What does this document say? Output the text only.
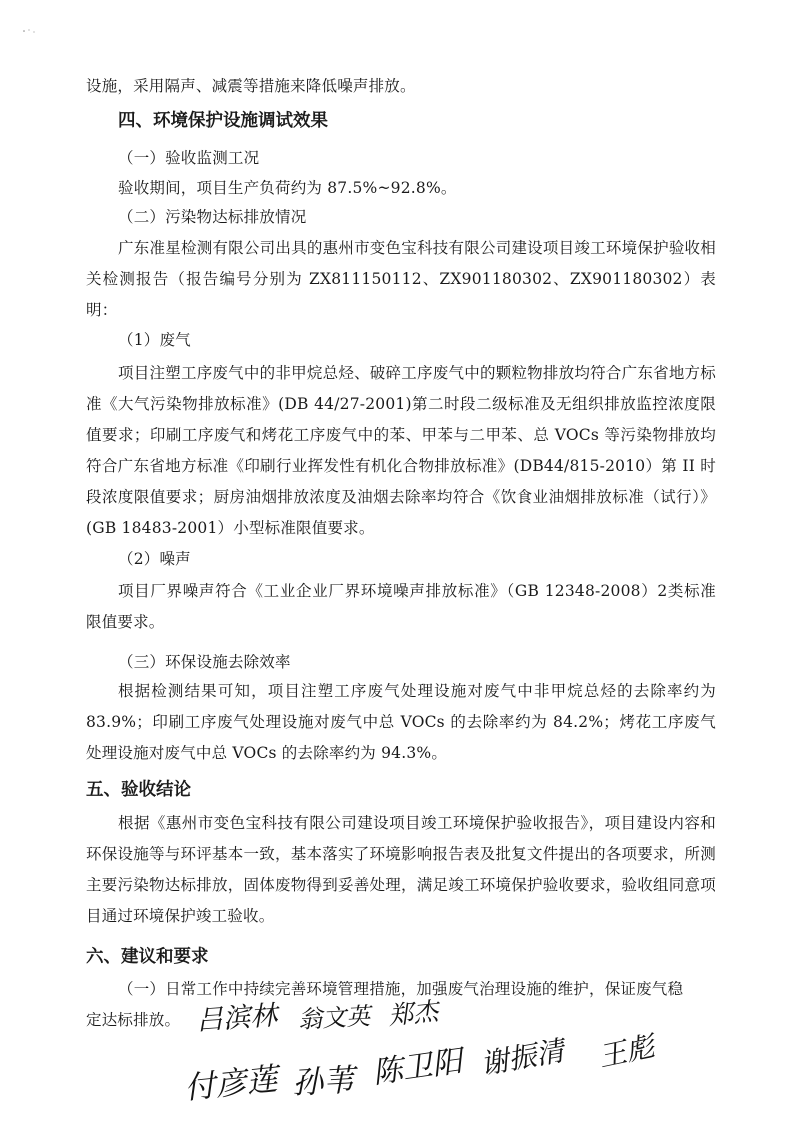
设施，采用隔声、减震等措施来降低噪声排放。

四、环境保护设施调试效果

（一）验收监测工况

验收期间，项目生产负荷约为 87.5%~92.8%。

（二）污染物达标排放情况

广东准星检测有限公司出具的惠州市变色宝科技有限公司建设项目竣工环境保护验收相关检测报告（报告编号分别为 ZX811150112、ZX901180302、ZX901180302）表明：

（1）废气

项目注塑工序废气中的非甲烷总烃、破碎工序废气中的颗粒物排放均符合广东省地方标准《大气污染物排放标准》(DB 44/27-2001)第二时段二级标准及无组织排放监控浓度限值要求；印刷工序废气和烤花工序废气中的苯、甲苯与二甲苯、总 VOCs 等污染物排放均符合广东省地方标准《印刷行业挥发性有机化合物排放标准》(DB44/815-2010）第 II 时段浓度限值要求；厨房油烟排放浓度及油烟去除率均符合《饮食业油烟排放标准（试行）》(GB 18483-2001）小型标准限值要求。

（2）噪声

项目厂界噪声符合《工业企业厂界环境噪声排放标准》（GB 12348-2008）2类标准限值要求。

（三）环保设施去除效率

根据检测结果可知，项目注塑工序废气处理设施对废气中非甲烷总烃的去除率约为 83.9%；印刷工序废气处理设施对废气中总 VOCs 的去除率约为 84.2%；烤花工序废气处理设施对废气中总 VOCs 的去除率约为 94.3%。

五、验收结论

根据《惠州市变色宝科技有限公司建设项目竣工环境保护验收报告》，项目建设内容和环保设施等与环评基本一致，基本落实了环境影响报告表及批复文件提出的各项要求，所测主要污染物达标排放，固体废物得到妥善处理，满足竣工环境保护验收要求，验收组同意项目通过环境保护竣工验收。

六、建议和要求

（一）日常工作中持续完善环境管理措施，加强废气治理设施的维护，保证废气稳

定达标排放。 吕滨林 翁文英 郑杰
付彦莲 孙苇 陈卫阳 谢振清 王彪
